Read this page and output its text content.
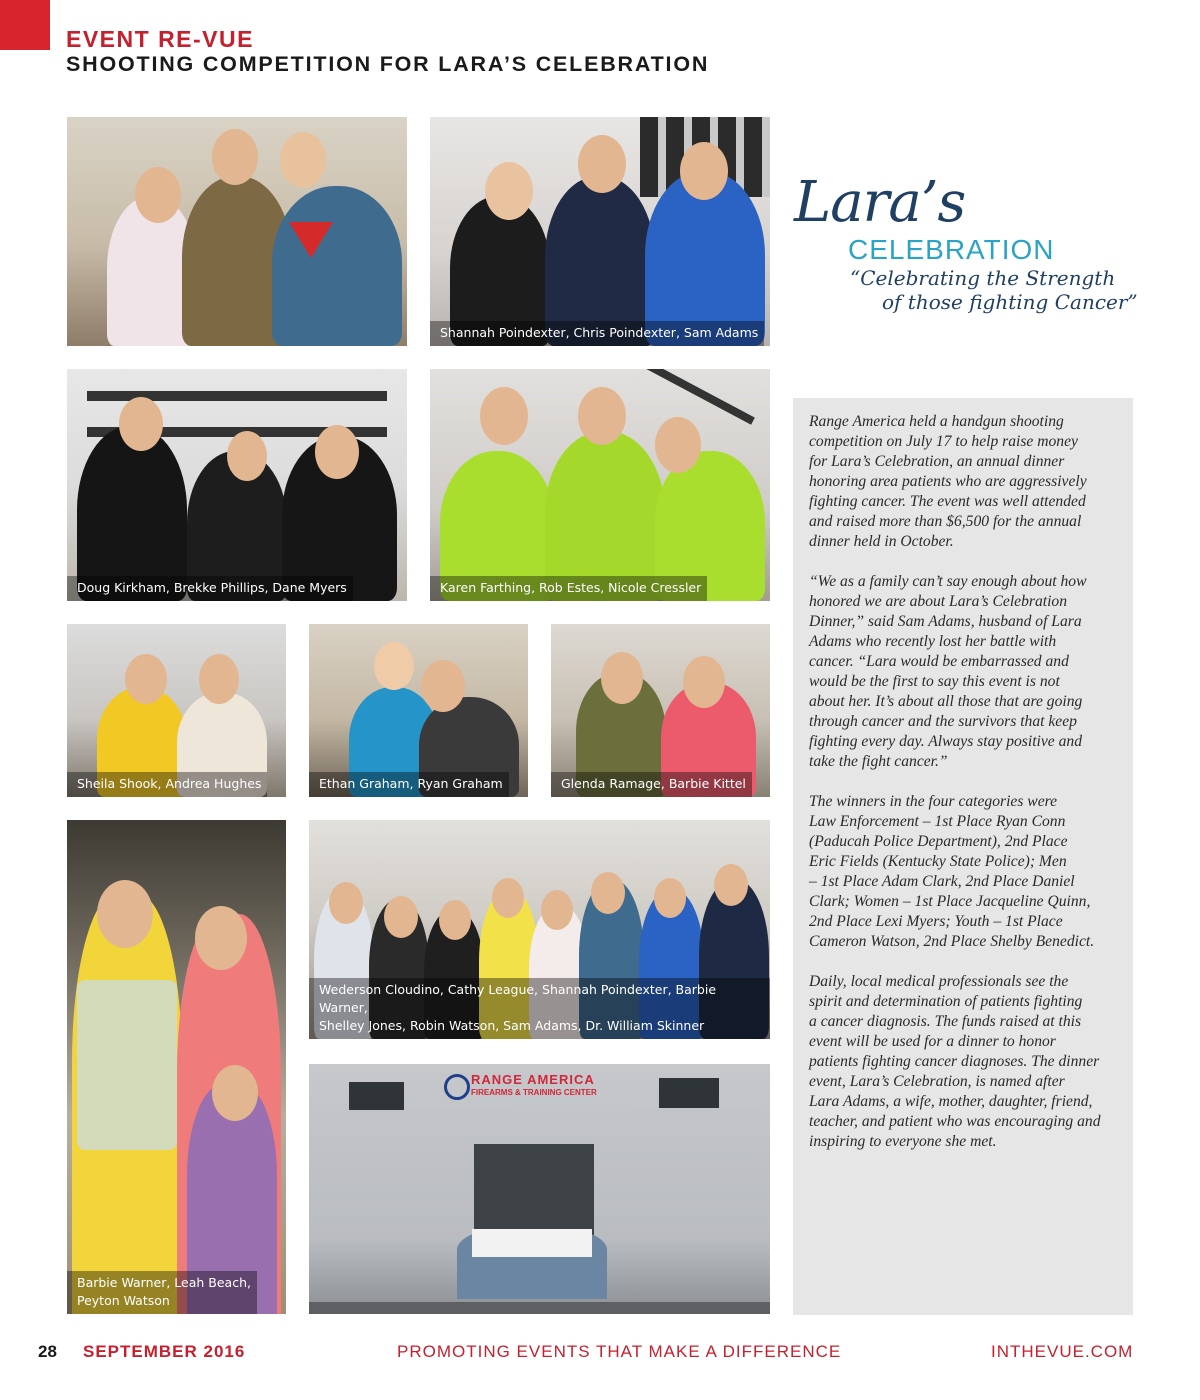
EVENT RE-VUE
SHOOTING COMPETITION FOR LARA’S CELEBRATION
Shannah Poindexter, Chris Poindexter, Sam Adams
Doug Kirkham, Brekke Phillips, Dane Myers	Karen Farthing, Rob Estes, Nicole Cressler
Sheila Shook, Andrea Hughes	Ethan Graham, Ryan Graham	Glenda Ramage, Barbie Kittel
Barbie Warner, Leah Beach,
Peyton Watson
Wederson Cloudino, Cathy League, Shannah Poindexter, Barbie Warner,
Shelley Jones, Robin Watson, Sam Adams, Dr. William Skinner
RANGE AMERICA
FIREARMS & TRAINING CENTER
Lara’s
CELEBRATION
“Celebrating the Strength
of those fighting Cancer”

Range America held a handgun shooting
competition on July 17 to help raise money
for Lara’s Celebration, an annual dinner
honoring area patients who are aggressively
fighting cancer. The event was well attended
and raised more than $6,500 for the annual
dinner held in October.

“We as a family can’t say enough about how
honored we are about Lara’s Celebration
Dinner,” said Sam Adams, husband of Lara
Adams who recently lost her battle with
cancer. “Lara would be embarrassed and
would be the first to say this event is not
about her. It’s about all those that are going
through cancer and the survivors that keep
fighting every day. Always stay positive and
take the fight cancer.”

The winners in the four categories were
Law Enforcement – 1st Place Ryan Conn
(Paducah Police Department), 2nd Place
Eric Fields (Kentucky State Police); Men
– 1st Place Adam Clark, 2nd Place Daniel
Clark; Women – 1st Place Jacqueline Quinn,
2nd Place Lexi Myers; Youth – 1st Place
Cameron Watson, 2nd Place Shelby Benedict.

Daily, local medical professionals see the
spirit and determination of patients fighting
a cancer diagnosis. The funds raised at this
event will be used for a dinner to honor
patients fighting cancer diagnoses. The dinner
event, Lara’s Celebration, is named after
Lara Adams, a wife, mother, daughter, friend,
teacher, and patient who was encouraging and
inspiring to everyone she met.

28 SEPTEMBER 2016	PROMOTING EVENTS THAT MAKE A DIFFERENCE	INTHEVUE.COM
